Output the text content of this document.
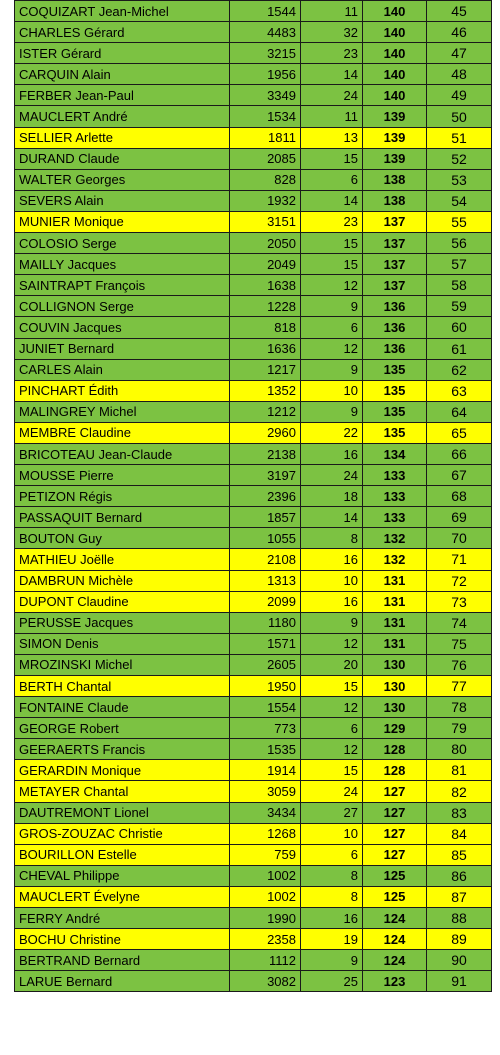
COQUIZART Jean-Michel	1544	11	140	45
CHARLES Gérard	4483	32	140	46
ISTER Gérard	3215	23	140	47
CARQUIN Alain	1956	14	140	48
FERBER Jean-Paul	3349	24	140	49
MAUCLERT André	1534	11	139	50
SELLIER Arlette	1811	13	139	51
DURAND Claude	2085	15	139	52
WALTER Georges	828	6	138	53
SEVERS Alain	1932	14	138	54
MUNIER Monique	3151	23	137	55
COLOSIO Serge	2050	15	137	56
MAILLY Jacques	2049	15	137	57
SAINTRAPT François	1638	12	137	58
COLLIGNON Serge	1228	9	136	59
COUVIN Jacques	818	6	136	60
JUNIET Bernard	1636	12	136	61
CARLES Alain	1217	9	135	62
PINCHART Édith	1352	10	135	63
MALINGREY Michel	1212	9	135	64
MEMBRE Claudine	2960	22	135	65
BRICOTEAU Jean-Claude	2138	16	134	66
MOUSSE Pierre	3197	24	133	67
PETIZON Régis	2396	18	133	68
PASSAQUIT Bernard	1857	14	133	69
BOUTON Guy	1055	8	132	70
MATHIEU Joëlle	2108	16	132	71
DAMBRUN Michèle	1313	10	131	72
DUPONT Claudine	2099	16	131	73
PERUSSE Jacques	1180	9	131	74
SIMON Denis	1571	12	131	75
MROZINSKI Michel	2605	20	130	76
BERTH Chantal	1950	15	130	77
FONTAINE Claude	1554	12	130	78
GEORGE Robert	773	6	129	79
GEERAERTS Francis	1535	12	128	80
GERARDIN Monique	1914	15	128	81
METAYER Chantal	3059	24	127	82
DAUTREMONT Lionel	3434	27	127	83
GROS-ZOUZAC Christie	1268	10	127	84
BOURILLON Estelle	759	6	127	85
CHEVAL Philippe	1002	8	125	86
MAUCLERT Évelyne	1002	8	125	87
FERRY André	1990	16	124	88
BOCHU Christine	2358	19	124	89
BERTRAND Bernard	1112	9	124	90
LARUE Bernard	3082	25	123	91
